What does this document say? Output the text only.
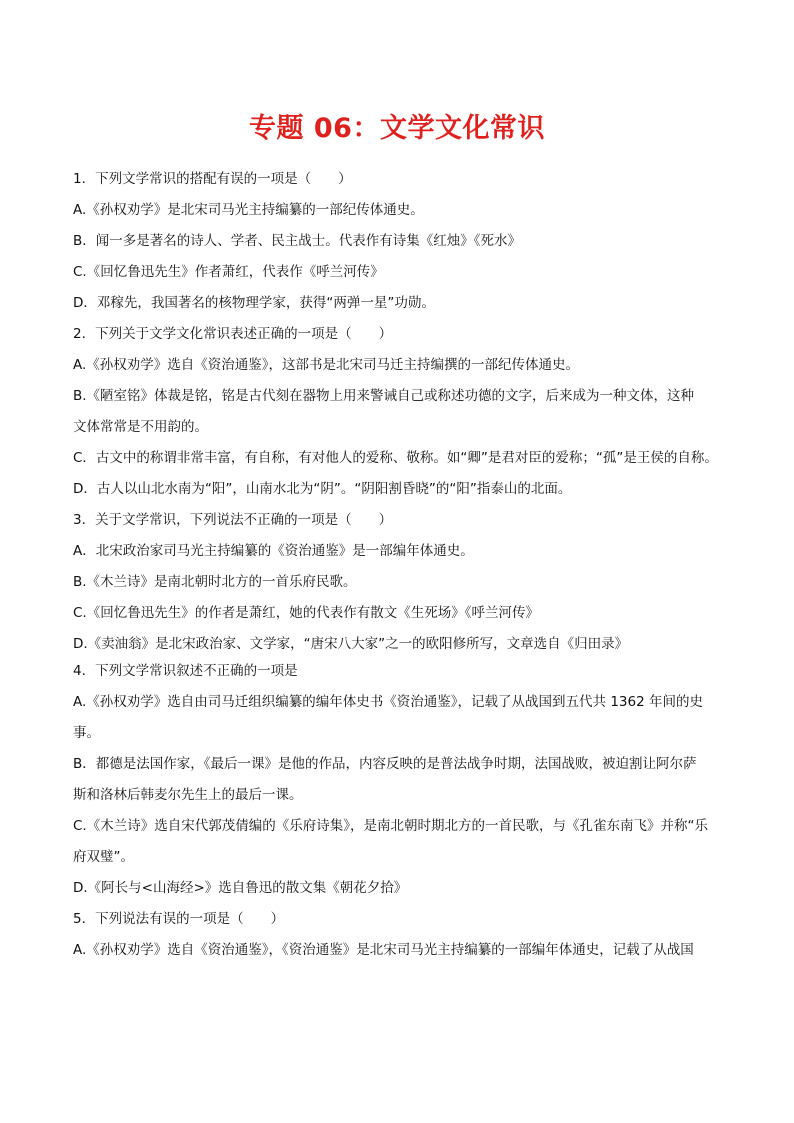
专题 06：文学文化常识
1．下列文学常识的搭配有误的一项是（　　）
A.《孙权劝学》是北宋司马光主持编纂的一部纪传体通史。
B．闻一多是著名的诗人、学者、民主战士。代表作有诗集《红烛》《死水》
C.《回忆鲁迅先生》作者萧红，代表作《呼兰河传》
D．邓稼先，我国著名的核物理学家，获得“两弹一星”功勋。
2．下列关于文学文化常识表述正确的一项是（　　）
A.《孙权劝学》选自《资治通鉴》，这部书是北宋司马迁主持编撰的一部纪传体通史。
B.《陋室铭》体裁是铭，铭是古代刻在器物上用来警诫自己或称述功德的文字，后来成为一种文体，这种
文体常常是不用韵的。
C．古文中的称谓非常丰富，有自称，有对他人的爱称、敬称。如“卿”是君对臣的爱称；“孤”是王侯的自称。
D．古人以山北水南为“阳”，山南水北为“阴”。“阴阳割昏晓”的“阳”指泰山的北面。
3．关于文学常识，下列说法不正确的一项是（　　）
A．北宋政治家司马光主持编纂的《资治通鉴》是一部编年体通史。
B.《木兰诗》是南北朝时北方的一首乐府民歌。
C.《回忆鲁迅先生》的作者是萧红，她的代表作有散文《生死场》《呼兰河传》
D.《卖油翁》是北宋政治家、文学家，“唐宋八大家”之一的欧阳修所写，文章选自《归田录》
4．下列文学常识叙述不正确的一项是
A.《孙权劝学》选自由司马迁组织编纂的编年体史书《资治通鉴》，记载了从战国到五代共 1362 年间的史
事。
B．都德是法国作家，《最后一课》是他的作品，内容反映的是普法战争时期，法国战败，被迫割让阿尔萨
斯和洛林后韩麦尔先生上的最后一课。
C.《木兰诗》选自宋代郭茂倩编的《乐府诗集》，是南北朝时期北方的一首民歌，与《孔雀东南飞》并称“乐
府双璧”。
D.《阿长与<山海经>》选自鲁迅的散文集《朝花夕拾》
5．下列说法有误的一项是（　　）
A.《孙权劝学》选自《资治通鉴》，《资治通鉴》是北宋司马光主持编纂的一部编年体通史，记载了从战国
